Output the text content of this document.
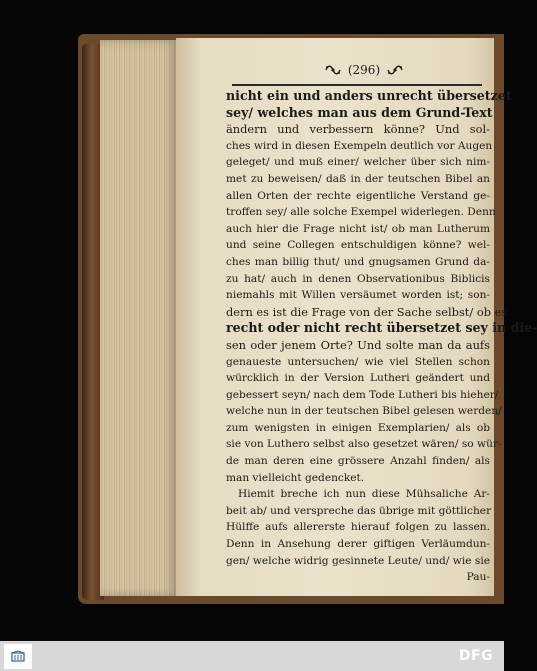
(296)
nicht ein und anders unrecht übersetzet
sey/ welches man aus dem Grund-Text
ändern und verbessern könne? Und sol-
ches wird in diesen Exempeln deutlich vor Augen
geleget/ und muß einer/ welcher über sich nim-
met zu beweisen/ daß in der teutschen Bibel an
allen Orten der rechte eigentliche Verstand ge-
troffen sey/ alle solche Exempel widerlegen. Denn
auch hier die Frage nicht ist/ ob man Lutherum
und seine Collegen entschuldigen könne? wel-
ches man billig thut/ und gnugsamen Grund da-
zu hat/ auch in denen Observationibus Biblicis
niemahls mit Willen versäumet worden ist; son-
dern es ist die Frage von der Sache selbst/ ob es
recht oder nicht recht übersetzet sey in die-
sen oder jenem Orte? Und solte man da aufs
genaueste untersuchen/ wie viel Stellen schon
würcklich in der Version Lutheri geändert und
gebessert seyn/ nach dem Tode Lutheri bis hieher/
welche nun in der teutschen Bibel gelesen werden/
zum wenigsten in einigen Exemplarien/ als ob
sie von Luthero selbst also gesetzet wären/ so wür-
de man deren eine grössere Anzahl finden/ als
man vielleicht gedencket.
Hiemit breche ich nun diese Mühsaliche Ar-
beit ab/ und verspreche das übrige mit göttlicher
Hülffe aufs allererste hierauf folgen zu lassen.
Denn in Ansehung derer giftigen Verläumdun-
gen/ welche widrig gesinnete Leute/ und/ wie sie
Pau-
DFG
